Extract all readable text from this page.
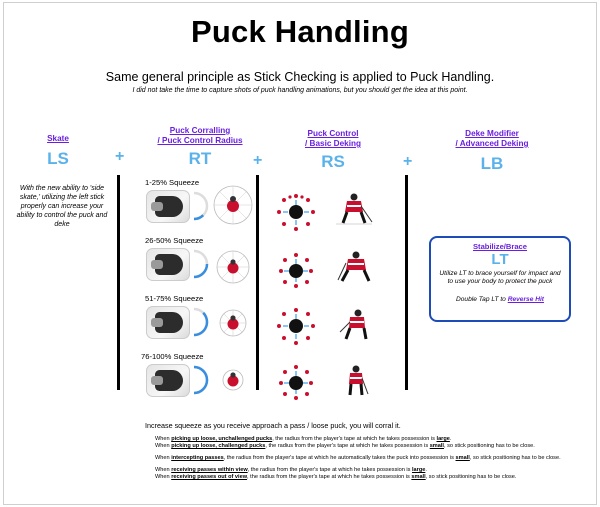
Puck Handling
Same general principle as Stick Checking is applied to Puck Handling.
I did not take the time to capture shots of puck handling animations, but you should get the idea at this point.
Skate
LS
With the new ability to 'side skate,' utilizing the left stick properly can increase your ability to control the puck and deke
Puck Corralling
/ Puck Control Radius
RT
Puck Control
/ Basic Deking
RS
Deke Modifier
/ Advanced Deking
LB
+	+	+
1-25% Squeeze
26-50% Squeeze
51-75% Squeeze
76-100% Squeeze
Stabilize/Brace
LT
Utilize LT to brace yourself for impact and to use your body to protect the puck
Double Tap LT to Reverse Hit
Increase squeeze as you receive approach a pass / loose puck, you will corral it.
When picking up loose, unchallenged pucks, the radius from the player's tape at which he takes possession is large.
When picking up loose, challenged pucks, the radius from the player's tape at which he takes possession is small, so stick positioning has to be close.
When intercepting passes, the radius from the player's tape at which he automatically takes the puck into possession is small, so stick positioning has to be close.
When receiving passes within view, the radius from the player's tape at which he takes possession is large.
When receiving passes out of view, the radius from the player's tape at which he takes possession is small, so stick positioning has to be close.
